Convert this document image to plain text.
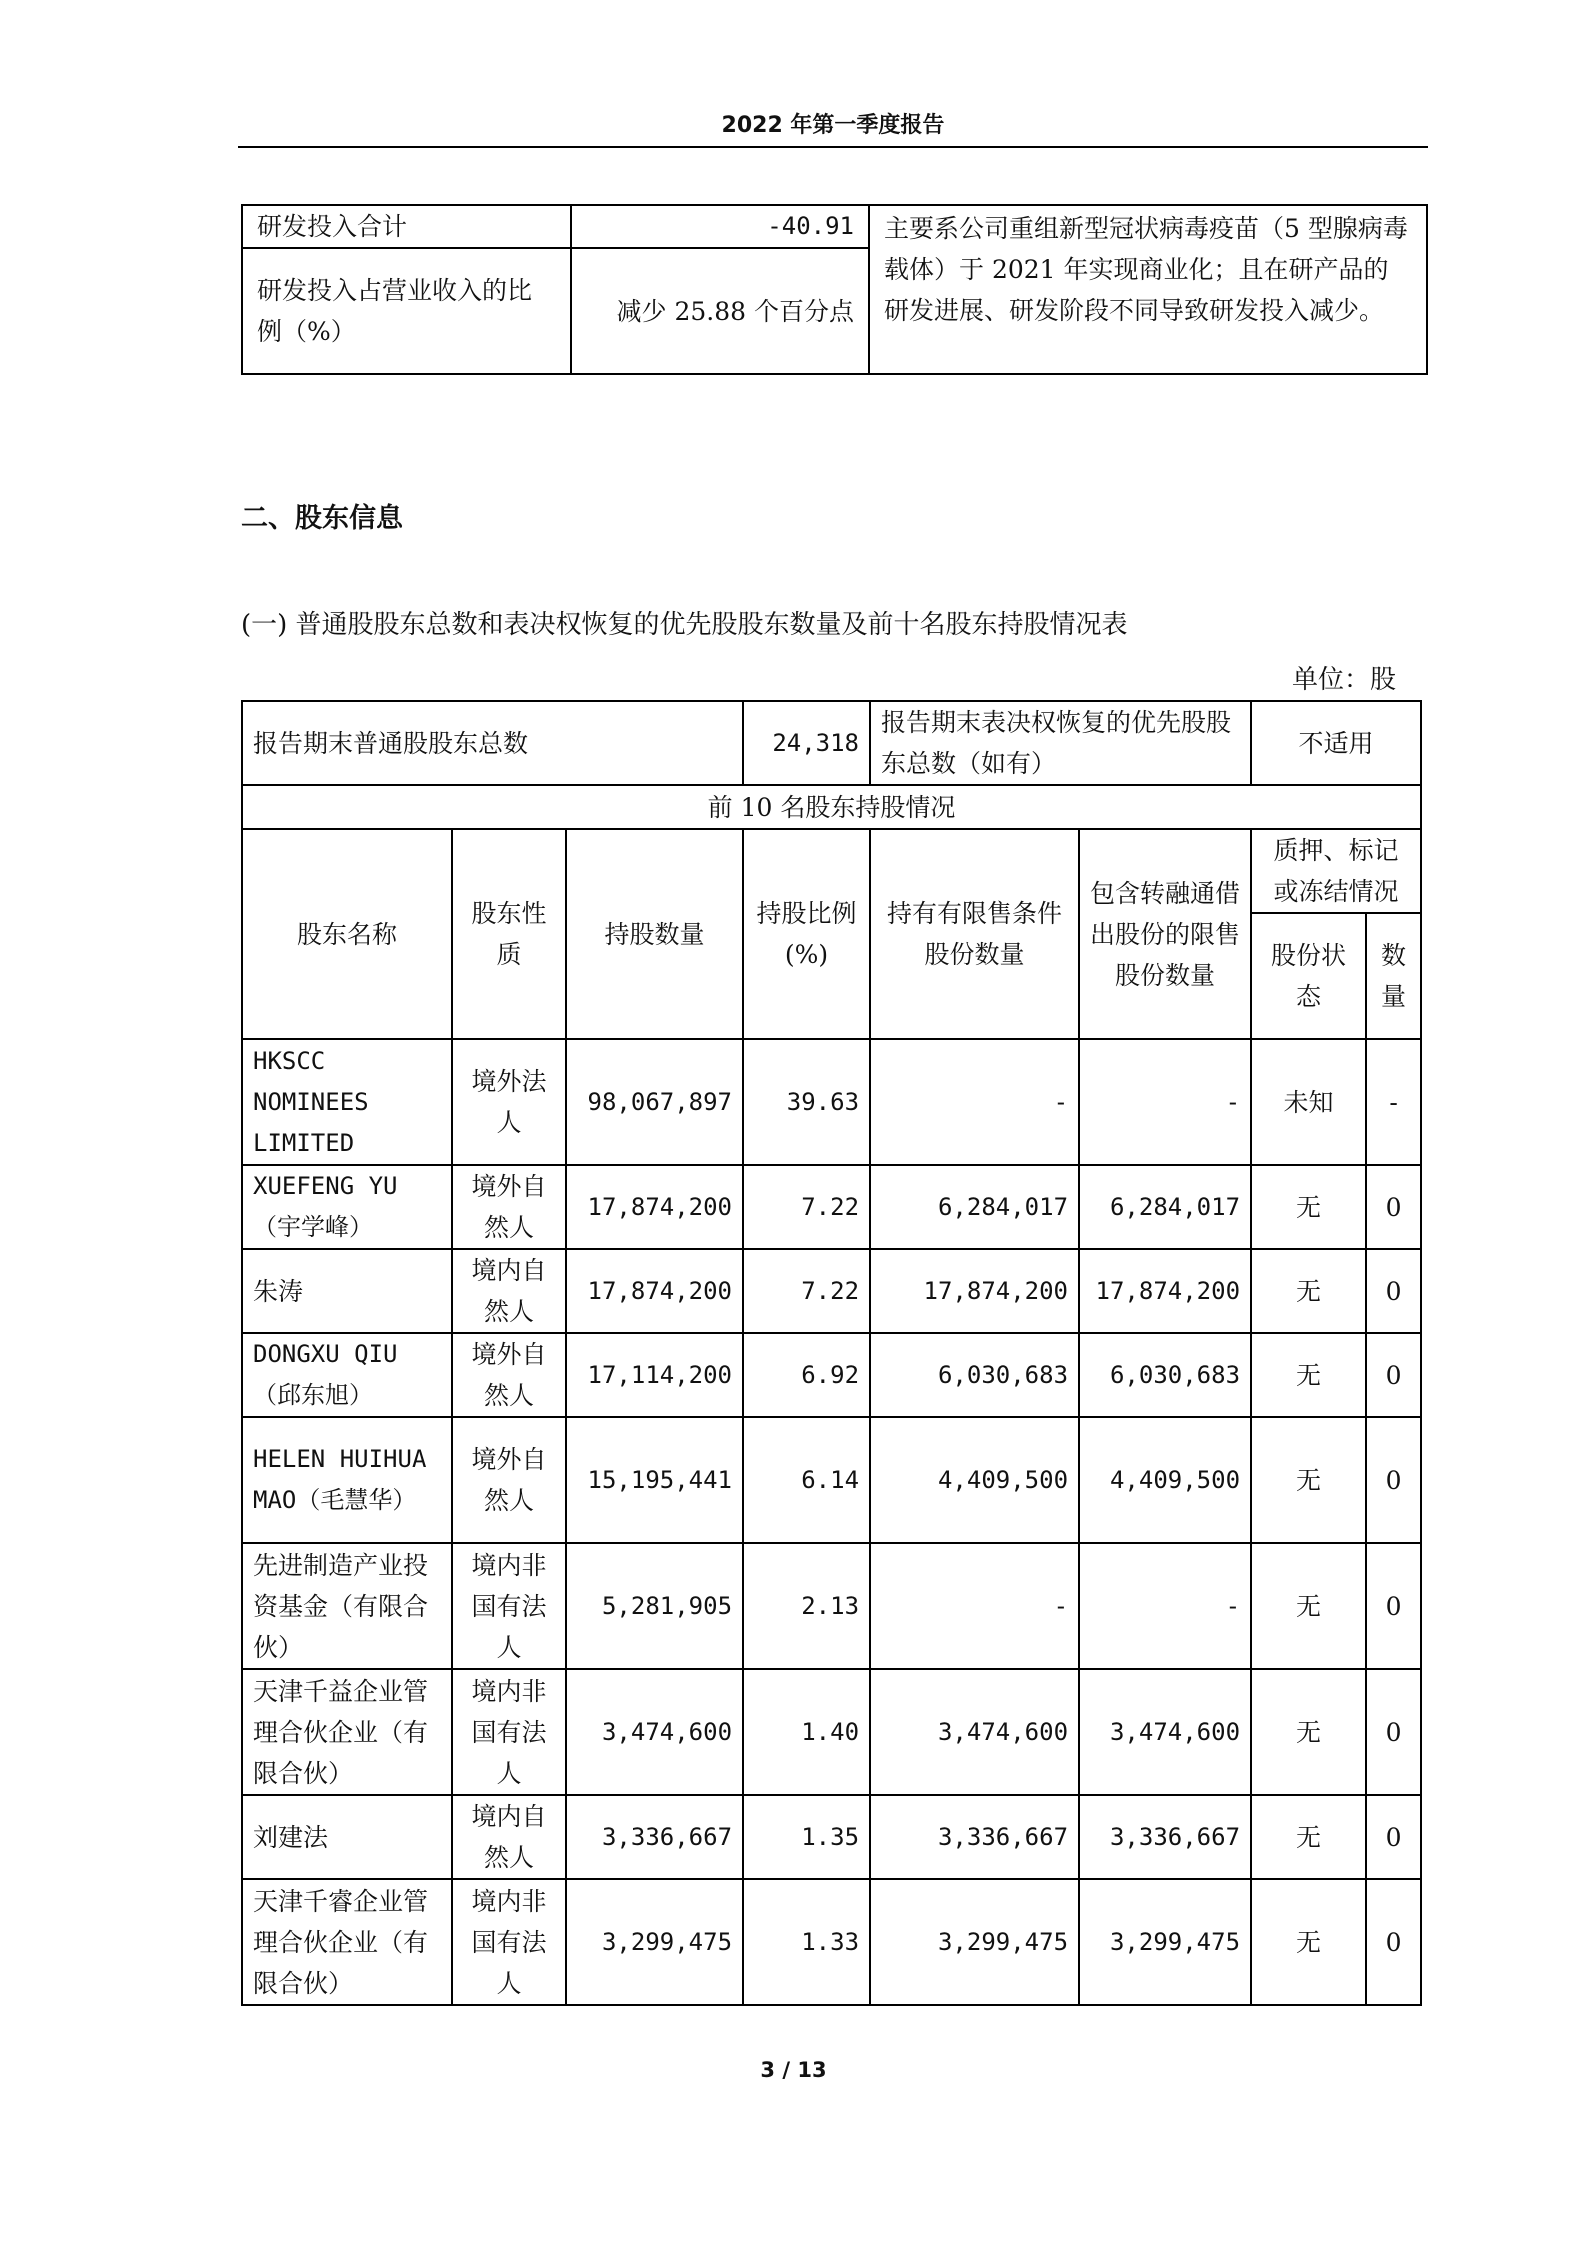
2022 年第一季度报告
研发投入合计	-40.91	主要系公司重组新型冠状病毒疫苗（5 型腺病毒载体）于 2021 年实现商业化；且在研产品的研发进展、研发阶段不同导致研发投入减少。
研发投入占营业收入的比例（%）	减少 25.88 个百分点	
二、股东信息
(一) 普通股股东总数和表决权恢复的优先股股东数量及前十名股东持股情况表
单位：股
报告期末普通股股东总数			24,318	报告期末表决权恢复的优先股股东总数（如有）		不适用	
前 10 名股东持股情况							
股东名称	股东性质	持股数量	持股比例(%)	持有有限售条件股份数量	包含转融通借出股份的限售股份数量	质押、标记或冻结情况	
						股份状态	数量
HKSCC NOMINEES LIMITED	境外法人	98,067,897	39.63	-	-	未知	-
XUEFENG YU（宇学峰）	境外自然人	17,874,200	7.22	6,284,017	6,284,017	无	0
朱涛	境内自然人	17,874,200	7.22	17,874,200	17,874,200	无	0
DONGXU QIU（邱东旭）	境外自然人	17,114,200	6.92	6,030,683	6,030,683	无	0
HELEN HUIHUA MAO（毛慧华）	境外自然人	15,195,441	6.14	4,409,500	4,409,500	无	0
先进制造产业投资基金（有限合伙）	境内非国有法人	5,281,905	2.13	-	-	无	0
天津千益企业管理合伙企业（有限合伙）	境内非国有法人	3,474,600	1.40	3,474,600	3,474,600	无	0
刘建法	境内自然人	3,336,667	1.35	3,336,667	3,336,667	无	0
天津千睿企业管理合伙企业（有限合伙）	境内非国有法人	3,299,475	1.33	3,299,475	3,299,475	无	0
3 / 13
